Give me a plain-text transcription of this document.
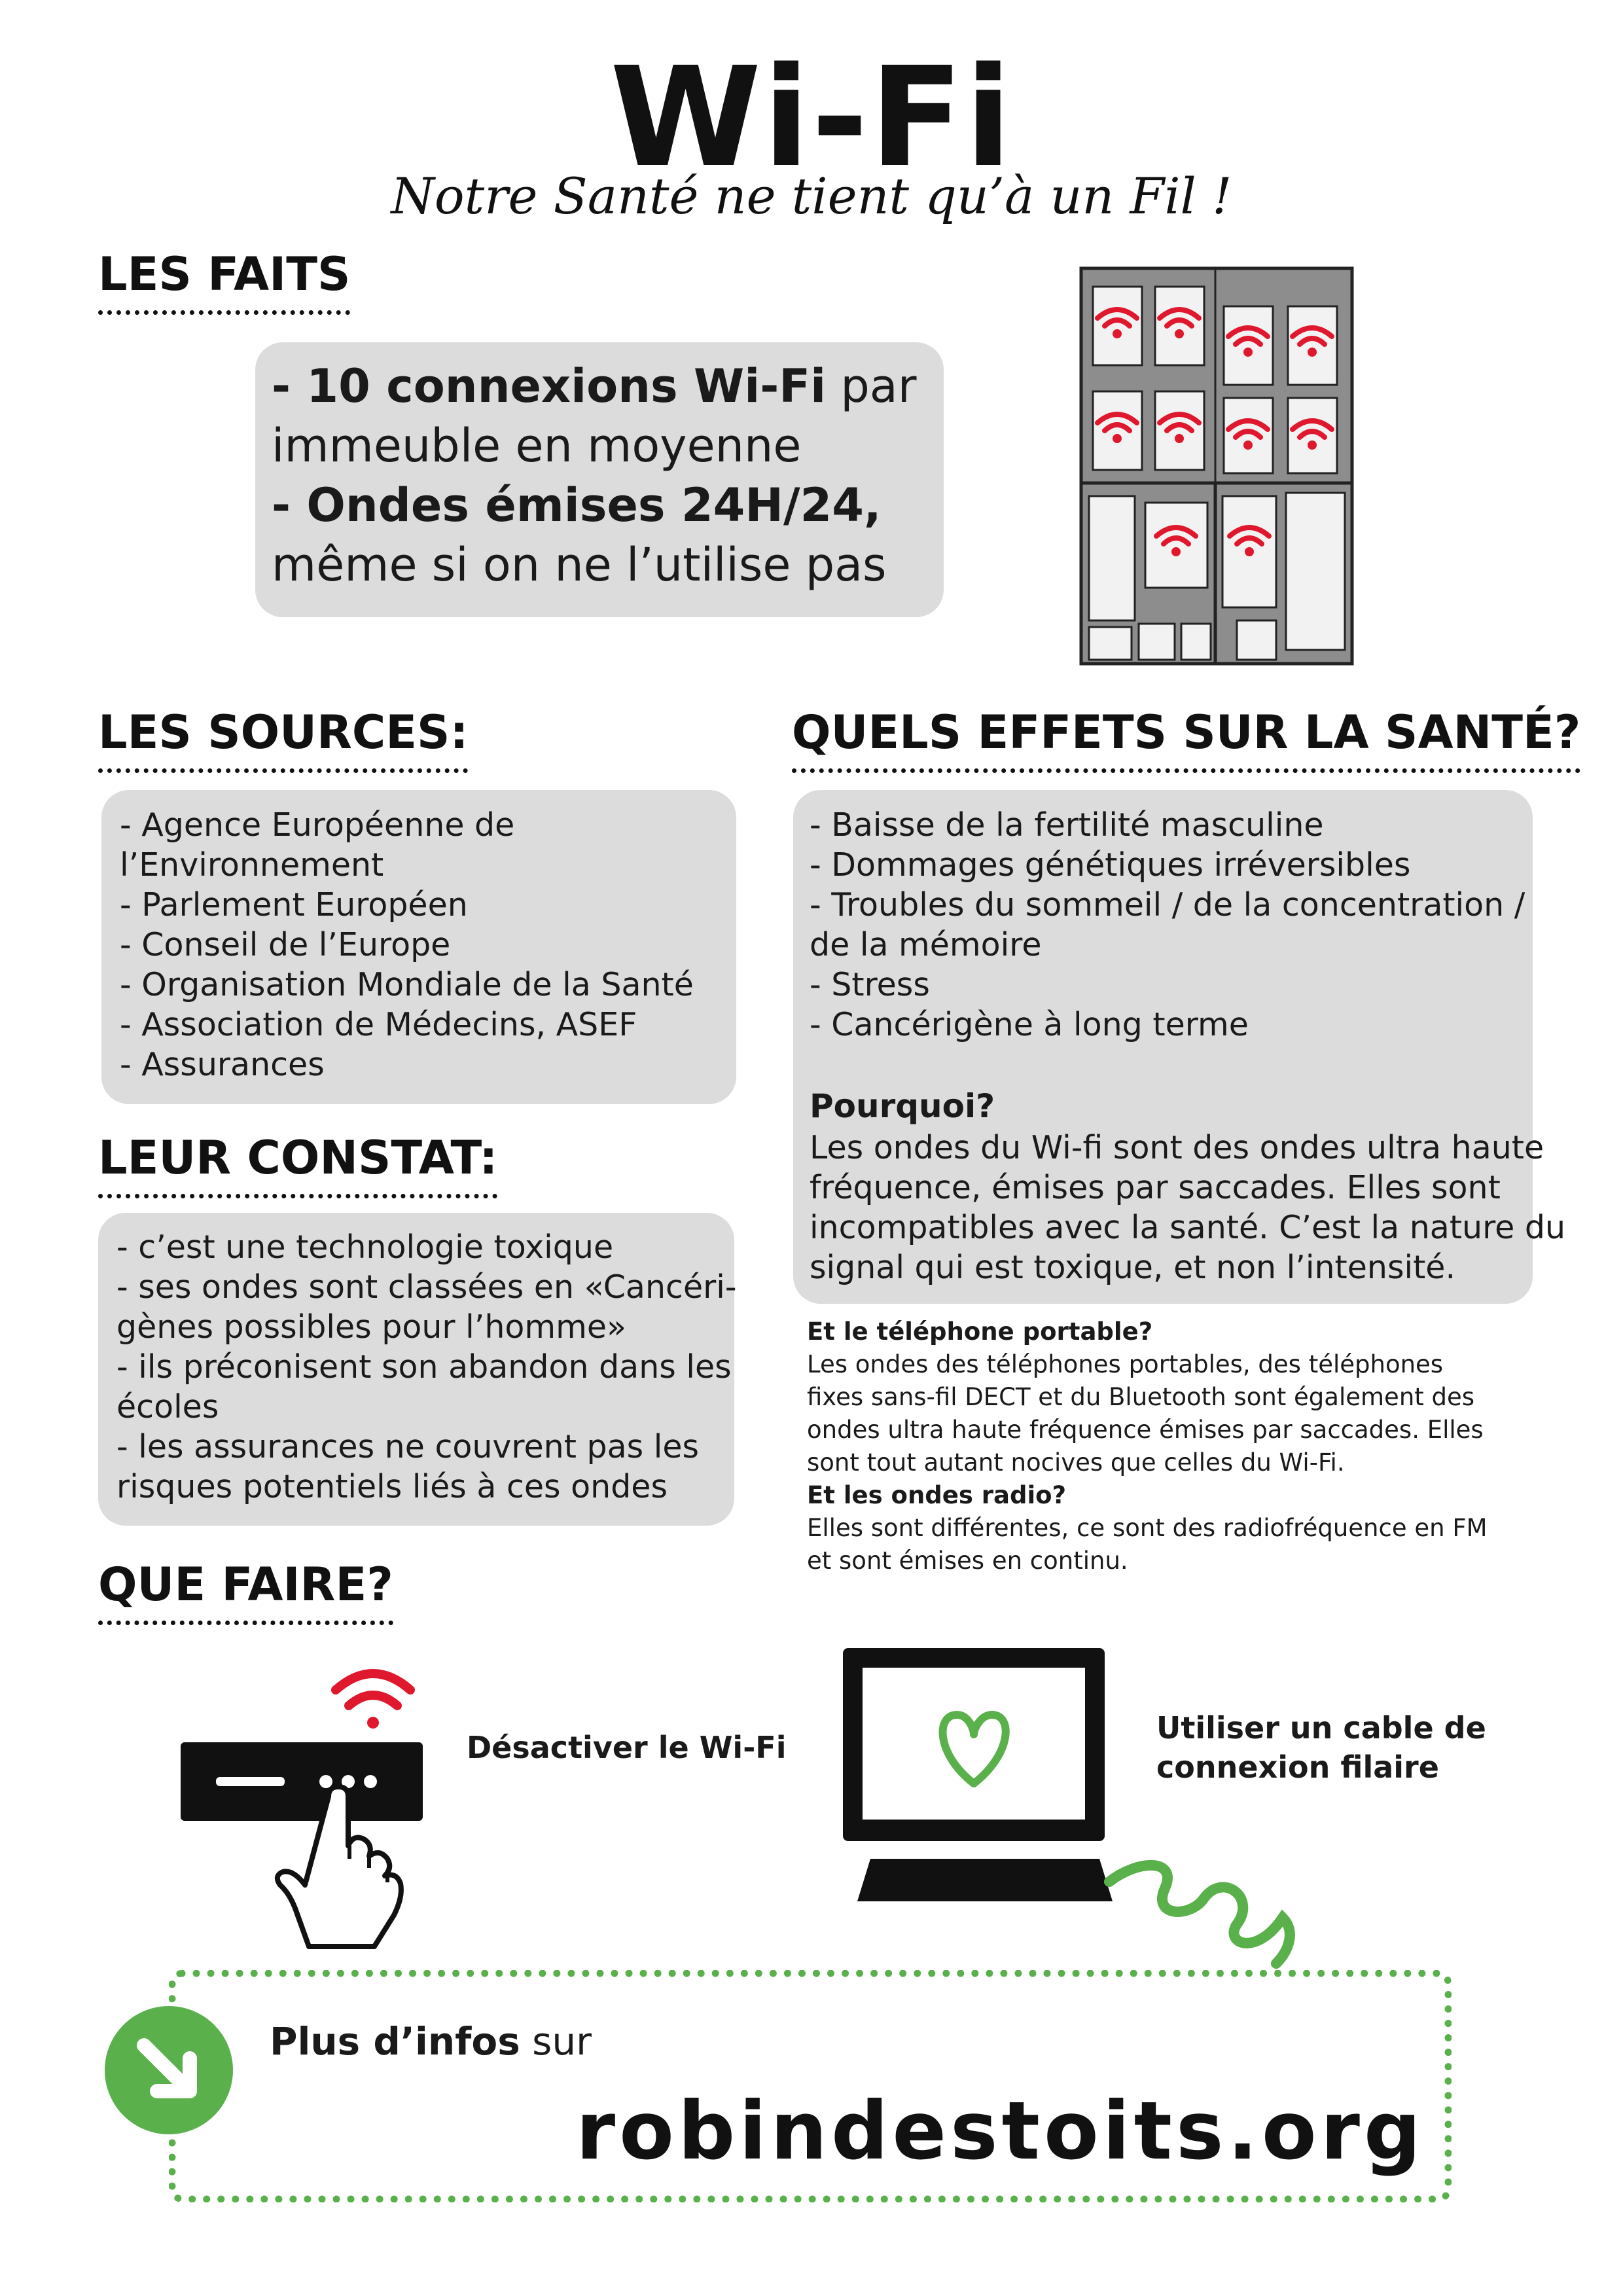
Wi-Fi
Notre Santé ne tient qu’à un Fil !
LES FAITS
- 10 connexions Wi-Fi par
immeuble en moyenne
- Ondes émises 24H/24,
même si on ne l’utilise pas
LES SOURCES:
- Agence Européenne de
l’Environnement
- Parlement Européen
- Conseil de l’Europe
- Organisation Mondiale de la Santé
- Association de Médecins, ASEF
- Assurances
LEUR CONSTAT:
- c’est une technologie toxique
- ses ondes sont classées en «Cancéri-
gènes possibles pour l’homme»
- ils préconisent son abandon dans les
écoles
- les assurances ne couvrent pas les
risques potentiels liés à ces ondes
QUELS EFFETS SUR LA SANTÉ?
- Baisse de la fertilité masculine
- Dommages génétiques irréversibles
- Troubles du sommeil / de la concentration /
de la mémoire
- Stress
- Cancérigène à long terme
Pourquoi?
Les ondes du Wi-fi sont des ondes ultra haute
fréquence, émises par saccades. Elles sont
incompatibles avec la santé. C’est la nature du
signal qui est toxique, et non l’intensité.
Et le téléphone portable?
Les ondes des téléphones portables, des téléphones
fixes sans-fil DECT et du Bluetooth sont également des
ondes ultra haute fréquence émises par saccades. Elles
sont tout autant nocives que celles du Wi-Fi.
Et les ondes radio?
Elles sont différentes, ce sont des radiofréquence en FM
et sont émises en continu.
QUE FAIRE?
Désactiver le Wi-Fi
Utiliser un cable de
connexion filaire
Plus d’infos sur
robindestoits.org
